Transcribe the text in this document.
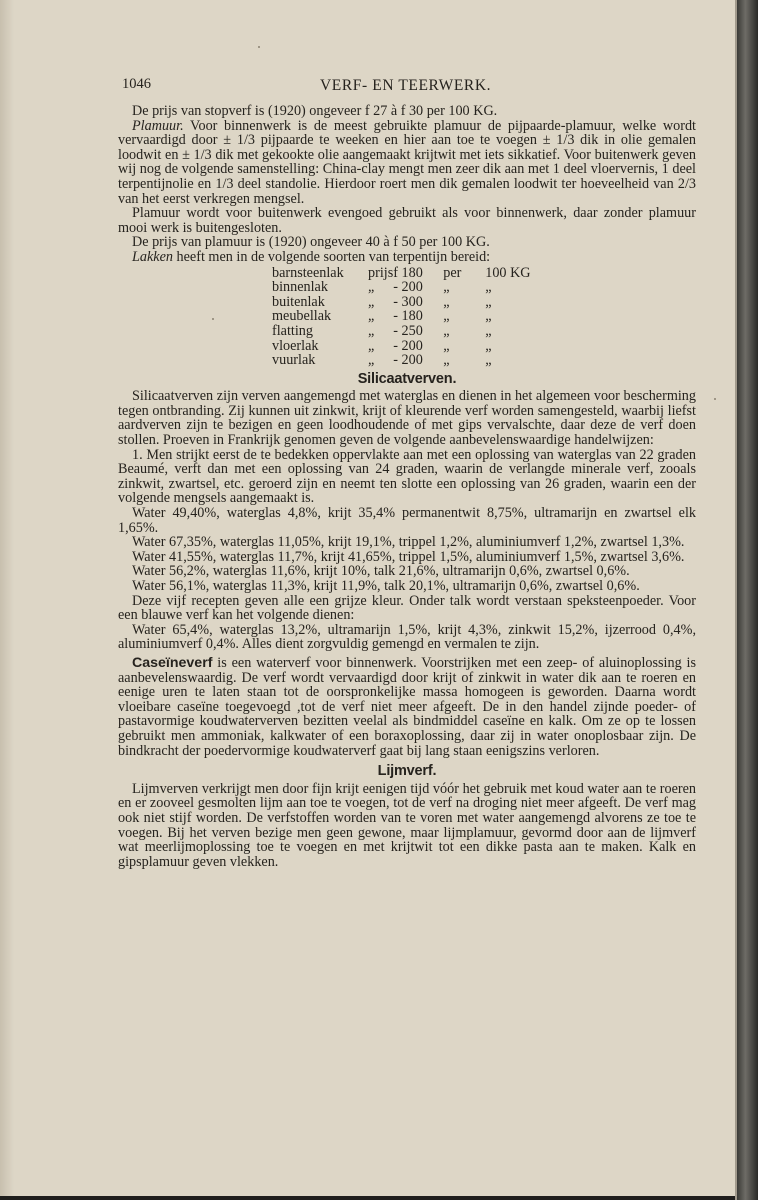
1046	VERF- EN TEERWERK.

De prijs van stopverf is (1920) ongeveer f 27 à f 30 per 100 KG.

Plamuur. Voor binnenwerk is de meest gebruikte plamuur de pijpaarde-plamuur, welke wordt vervaardigd door ± 1/3 pijpaarde te weeken en hier aan toe te voegen ± 1/3 dik in olie gemalen loodwit en ± 1/3 dik met gekookte olie aangemaakt krijtwit met iets sikkatief. Voor buitenwerk geven wij nog de volgende samenstelling: China-clay mengt men zeer dik aan met 1 deel vloervernis, 1 deel terpentijnolie en 1/3 deel standolie. Hierdoor roert men dik gemalen loodwit ter hoeveelheid van 2/3 van het eerst verkregen mengsel.

Plamuur wordt voor buitenwerk evengoed gebruikt als voor binnenwerk, daar zonder plamuur mooi werk is buitengesloten.

De prijs van plamuur is (1920) ongeveer 40 à f 50 per 100 KG.

Lakken heeft men in de volgende soorten van terpentijn bereid:

barnsteenlak	prijs	f 180	per	100 KG
binnenlak	„	- 200	„	„
buitenlak	„	- 300	„	„
meubellak	„	- 180	„	„
flatting	„	- 250	„	„
vloerlak	„	- 200	„	„
vuurlak	„	- 200	„	„
Silicaatverven.

Silicaatverven zijn verven aangemengd met waterglas en dienen in het algemeen voor bescherming tegen ontbranding. Zij kunnen uit zinkwit, krijt of kleurende verf worden samengesteld, waarbij liefst aardverven zijn te bezigen en geen loodhoudende of met gips vervalschte, daar deze de verf doen stollen. Proeven in Frankrijk genomen geven de volgende aanbevelenswaardige handelwijzen:

1. Men strijkt eerst de te bedekken oppervlakte aan met een oplossing van waterglas van 22 graden Beaumé, verft dan met een oplossing van 24 graden, waarin de verlangde minerale verf, zooals zinkwit, zwartsel, etc. geroerd zijn en neemt ten slotte een oplossing van 26 graden, waarin een der volgende mengsels aangemaakt is.

Water 49,40%, waterglas 4,8%, krijt 35,4% permanentwit 8,75%, ultramarijn en zwartsel elk 1,65%.

Water 67,35%, waterglas 11,05%, krijt 19,1%, trippel 1,2%, aluminiumverf 1,2%, zwartsel 1,3%.

Water 41,55%, waterglas 11,7%, krijt 41,65%, trippel 1,5%, aluminiumverf 1,5%, zwartsel 3,6%.

Water 56,2%, waterglas 11,6%, krijt 10%, talk 21,6%, ultramarijn 0,6%, zwartsel 0,6%.

Water 56,1%, waterglas 11,3%, krijt 11,9%, talk 20,1%, ultramarijn 0,6%, zwartsel 0,6%.

Deze vijf recepten geven alle een grijze kleur. Onder talk wordt verstaan speksteenpoeder. Voor een blauwe verf kan het volgende dienen:

Water 65,4%, waterglas 13,2%, ultramarijn 1,5%, krijt 4,3%, zinkwit 15,2%, ijzerrood 0,4%, aluminiumverf 0,4%. Alles dient zorgvuldig gemengd en vermalen te zijn.

Caseïneverf is een waterverf voor binnenwerk. Voorstrijken met een zeep- of aluinoplossing is aanbevelenswaardig. De verf wordt vervaardigd door krijt of zinkwit in water dik aan te roeren en eenige uren te laten staan tot de oorspronkelijke massa homogeen is geworden. Daarna wordt vloeibare caseïne toegevoegd ,tot de verf niet meer afgeeft. De in den handel zijnde poeder- of pastavormige koudwaterverven bezitten veelal als bindmiddel caseïne en kalk. Om ze op te lossen gebruikt men ammoniak, kalkwater of een boraxoplossing, daar zij in water onoplosbaar zijn. De bindkracht der poedervormige koudwaterverf gaat bij lang staan eenigszins verloren.

Lijmverf.

Lijmverven verkrijgt men door fijn krijt eenigen tijd vóór het gebruik met koud water aan te roeren en er zooveel gesmolten lijm aan toe te voegen, tot de verf na droging niet meer afgeeft. De verf mag ook niet stijf worden. De verfstoffen worden van te voren met water aangemengd alvorens ze toe te voegen. Bij het verven bezige men geen gewone, maar lijmplamuur, gevormd door aan de lijmverf wat meerlijmoplossing toe te voegen en met krijtwit tot een dikke pasta aan te maken. Kalk en gipsplamuur geven vlekken.
